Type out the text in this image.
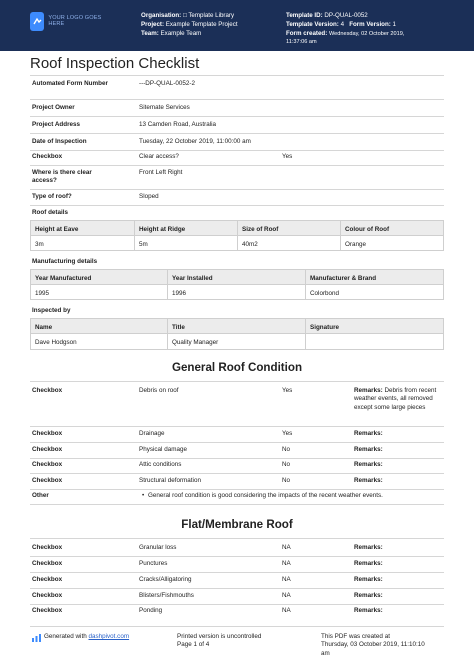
YOUR LOGO GOES HERE
Organisation: □ Template Library
Project: Example Template Project
Team: Example Team
Template ID: DP-QUAL-0052
Template Version: 4 Form Version: 1
Form created: Wednesday, 02 October 2019,
11:37:06 am
Roof Inspection Checklist
Automated Form Number	---DP-QUAL-0052-2
Project Owner	Sitemate Services
Project Address	13 Camden Road, Australia
Date of Inspection	Tuesday, 22 October 2019, 11:00:00 am
Checkbox	Clear access?	Yes
Where is there clear access?
Front Left Right
Type of roof?	Sloped
Roof details
Height at Eave	Height at Ridge	Size of Roof	Colour of Roof
3m	5m	40m2	Orange
Manufacturing details
Year Manufactured	Year Installed	Manufacturer & Brand
1995	1996	Colorbond
Inspected by
Name	Title	Signature
Dave Hodgson	Quality Manager
General Roof Condition
Checkbox	Debris on roof	Yes	Remarks: Debris from recent weather events, all removed except some large pieces
Checkbox	Drainage	Yes	Remarks:
Checkbox	Physical damage	No	Remarks:
Checkbox	Attic conditions	No	Remarks:
Checkbox	Structural deformation	No	Remarks:
Other
•	General roof condition is good considering the impacts of the recent weather events.
Flat/Membrane Roof
Checkbox	Granular loss	NA	Remarks:
Checkbox	Punctures	NA	Remarks:
Checkbox	Cracks/Alligatoring	NA	Remarks:
Checkbox	Blisters/Fishmouths	NA	Remarks:
Checkbox	Ponding	NA	Remarks:
Generated with dashpivot.com	Printed version is uncontrolled
Page 1 of 4
This PDF was created at
Thursday, 03 October 2019, 11:10:10
am
